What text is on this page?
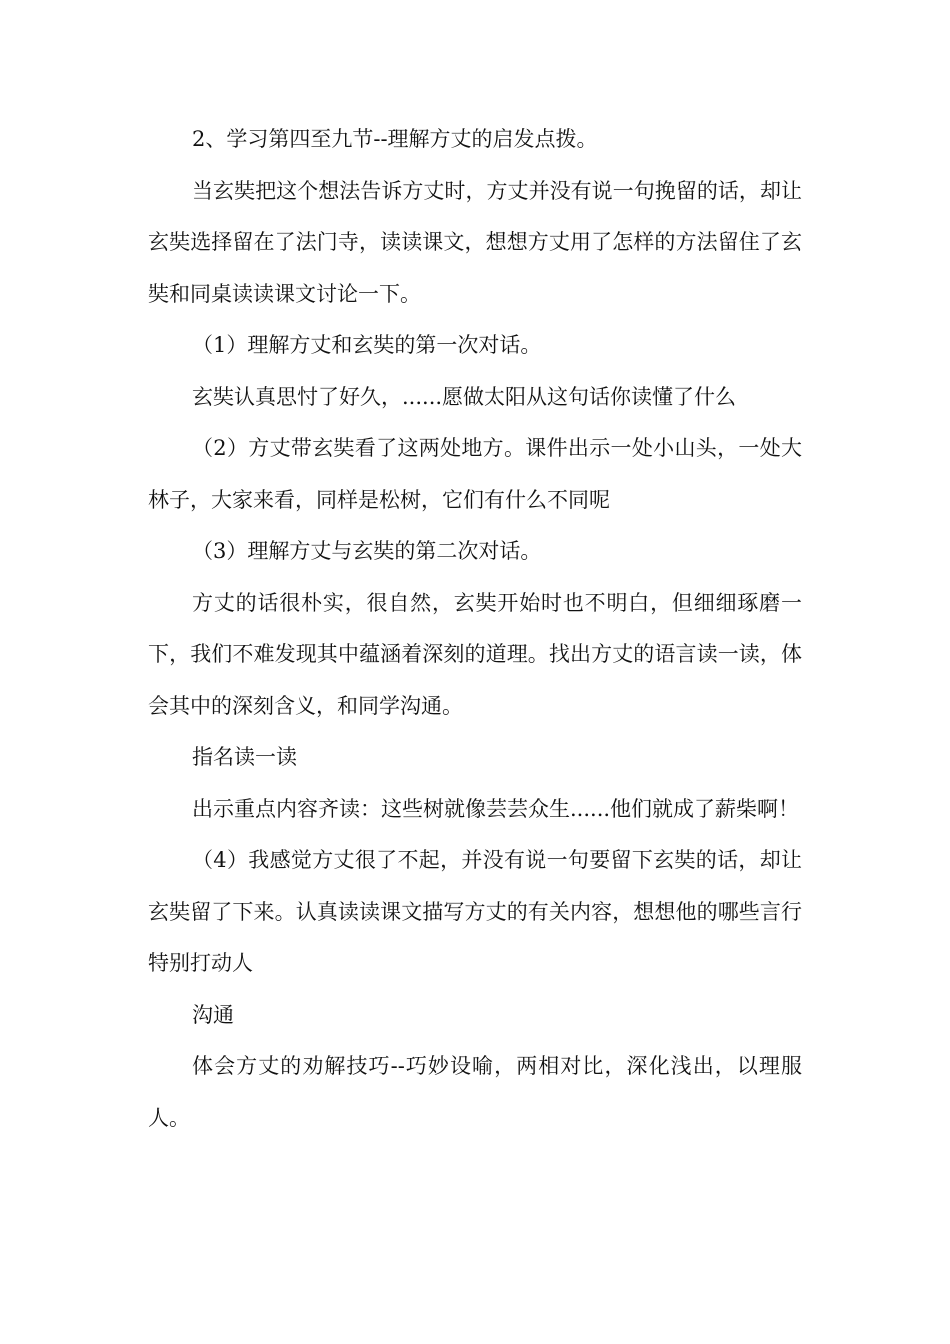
2、学习第四至九节--理解方丈的启发点拨。

当玄奘把这个想法告诉方丈时，方丈并没有说一句挽留的话，却让玄奘选择留在了法门寺，读读课文，想想方丈用了怎样的方法留住了玄奘和同桌读读课文讨论一下。

（1）理解方丈和玄奘的第一次对话。

玄奘认真思忖了好久，......愿做太阳从这句话你读懂了什么

（2）方丈带玄奘看了这两处地方。课件出示一处小山头，一处大林子，大家来看，同样是松树，它们有什么不同呢

（3）理解方丈与玄奘的第二次对话。

方丈的话很朴实，很自然，玄奘开始时也不明白，但细细琢磨一下，我们不难发现其中蕴涵着深刻的道理。找出方丈的语言读一读，体会其中的深刻含义，和同学沟通。

指名读一读

出示重点内容齐读：这些树就像芸芸众生......他们就成了薪柴啊！

（4）我感觉方丈很了不起，并没有说一句要留下玄奘的话，却让玄奘留了下来。认真读读课文描写方丈的有关内容，想想他的哪些言行特别打动人

沟通

体会方丈的劝解技巧--巧妙设喻，两相对比，深化浅出，以理服人。
